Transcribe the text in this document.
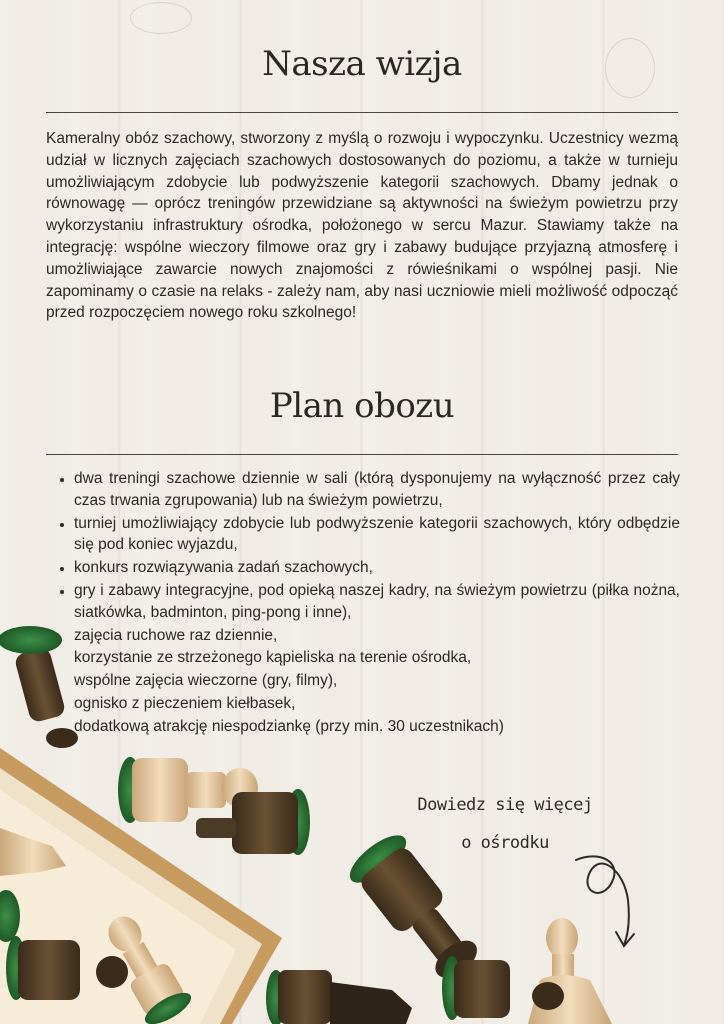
Nasza wizja

Kameralny obóz szachowy, stworzony z myślą o rozwoju i wypoczynku. Uczestnicy wezmą udział w licznych zajęciach szachowych dostosowanych do poziomu, a także w turnieju umożliwiającym zdobycie lub podwyższenie kategorii szachowych. Dbamy jednak o równowagę — oprócz treningów przewidziane są aktywności na świeżym powietrzu przy wykorzystaniu infrastruktury ośrodka, położonego w sercu Mazur. Stawiamy także na integrację: wspólne wieczory filmowe oraz gry i zabawy budujące przyjazną atmosferę i umożliwiające zawarcie nowych znajomości z rówieśnikami o wspólnej pasji. Nie zapominamy o czasie na relaks - zależy nam, aby nasi uczniowie mieli możliwość odpocząć przed rozpoczęciem nowego roku szkolnego!

Plan obozu
• dwa treningi szachowe dziennie w sali (którą dysponujemy na wyłączność przez cały czas trwania zgrupowania) lub na świeżym powietrzu,
• turniej umożliwiający zdobycie lub podwyższenie kategorii szachowych, który odbędzie się pod koniec wyjazdu,
• konkurs rozwiązywania zadań szachowych,
• gry i zabawy integracyjne, pod opieką naszej kadry, na świeżym powietrzu (piłka nożna, siatkówka, badminton, ping-pong i inne),
zajęcia ruchowe raz dziennie,
korzystanie ze strzeżonego kąpieliska na terenie ośrodka,
wspólne zajęcia wieczorne (gry, filmy),
ognisko z pieczeniem kiełbasek,
dodatkową atrakcję niespodziankę (przy min. 30 uczestnikach)
Dowiedz się więcej
o ośrodku
